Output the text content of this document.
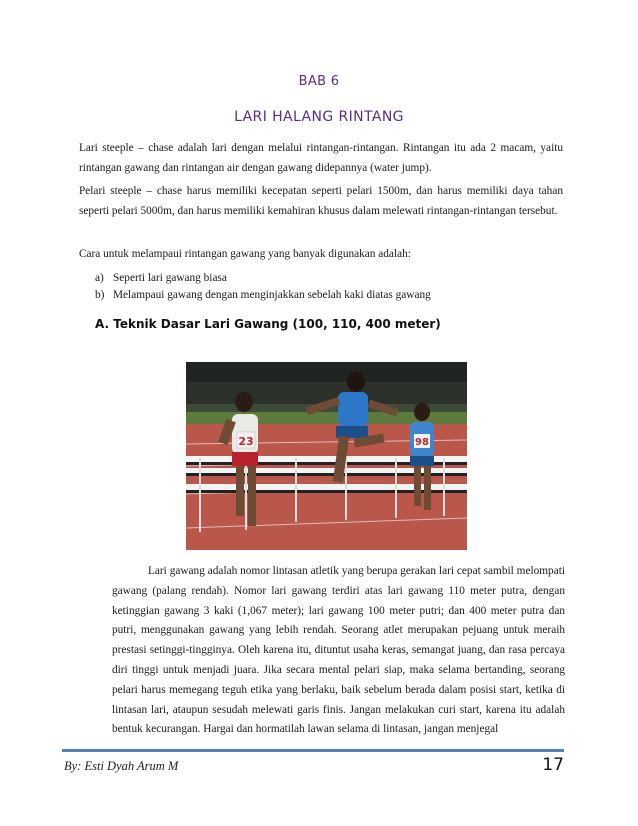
BAB 6
LARI HALANG RINTANG
Lari steeple – chase adalah lari dengan melalui rintangan-rintangan. Rintangan itu ada 2 macam, yaitu rintangan gawang dan rintangan air dengan gawang didepannya (water jump).
Pelari steeple – chase harus memiliki kecepatan seperti pelari 1500m, dan harus memiliki daya tahan seperti pelari 5000m, dan harus memiliki kemahiran khusus dalam melewati rintangan-rintangan tersebut.
Cara untuk melampaui rintangan gawang yang banyak digunakan adalah:
a) Seperti lari gawang biasa
b) Melampaui gawang dengan menginjakkan sebelah kaki diatas gawang
A. Teknik Dasar Lari Gawang (100, 110, 400 meter)
23	98
Lari gawang adalah nomor lintasan atletik yang berupa gerakan lari cepat sambil melompati gawang (palang rendah). Nomor lari gawang terdiri atas lari gawang 110 meter putra, dengan ketinggian gawang 3 kaki (1,067 meter); lari gawang 100 meter putri; dan 400 meter putra dan putri, menggunakan gawang yang lebih rendah. Seorang atlet merupakan pejuang untuk meraih prestasi setinggi-tingginya. Oleh karena itu, dituntut usaha keras, semangat juang, dan rasa percaya diri tinggi untuk menjadi juara. Jika secara mental pelari siap, maka selama bertanding, seorang pelari harus memegang teguh etika yang berlaku, baik sebelum berada dalam posisi start, ketika di lintasan lari, ataupun sesudah melewati garis finis. Jangan melakukan curi start, karena itu adalah bentuk kecurangan. Hargai dan hormatilah lawan selama di lintasan, jangan menjegal
By: Esti Dyah Arum M	17
